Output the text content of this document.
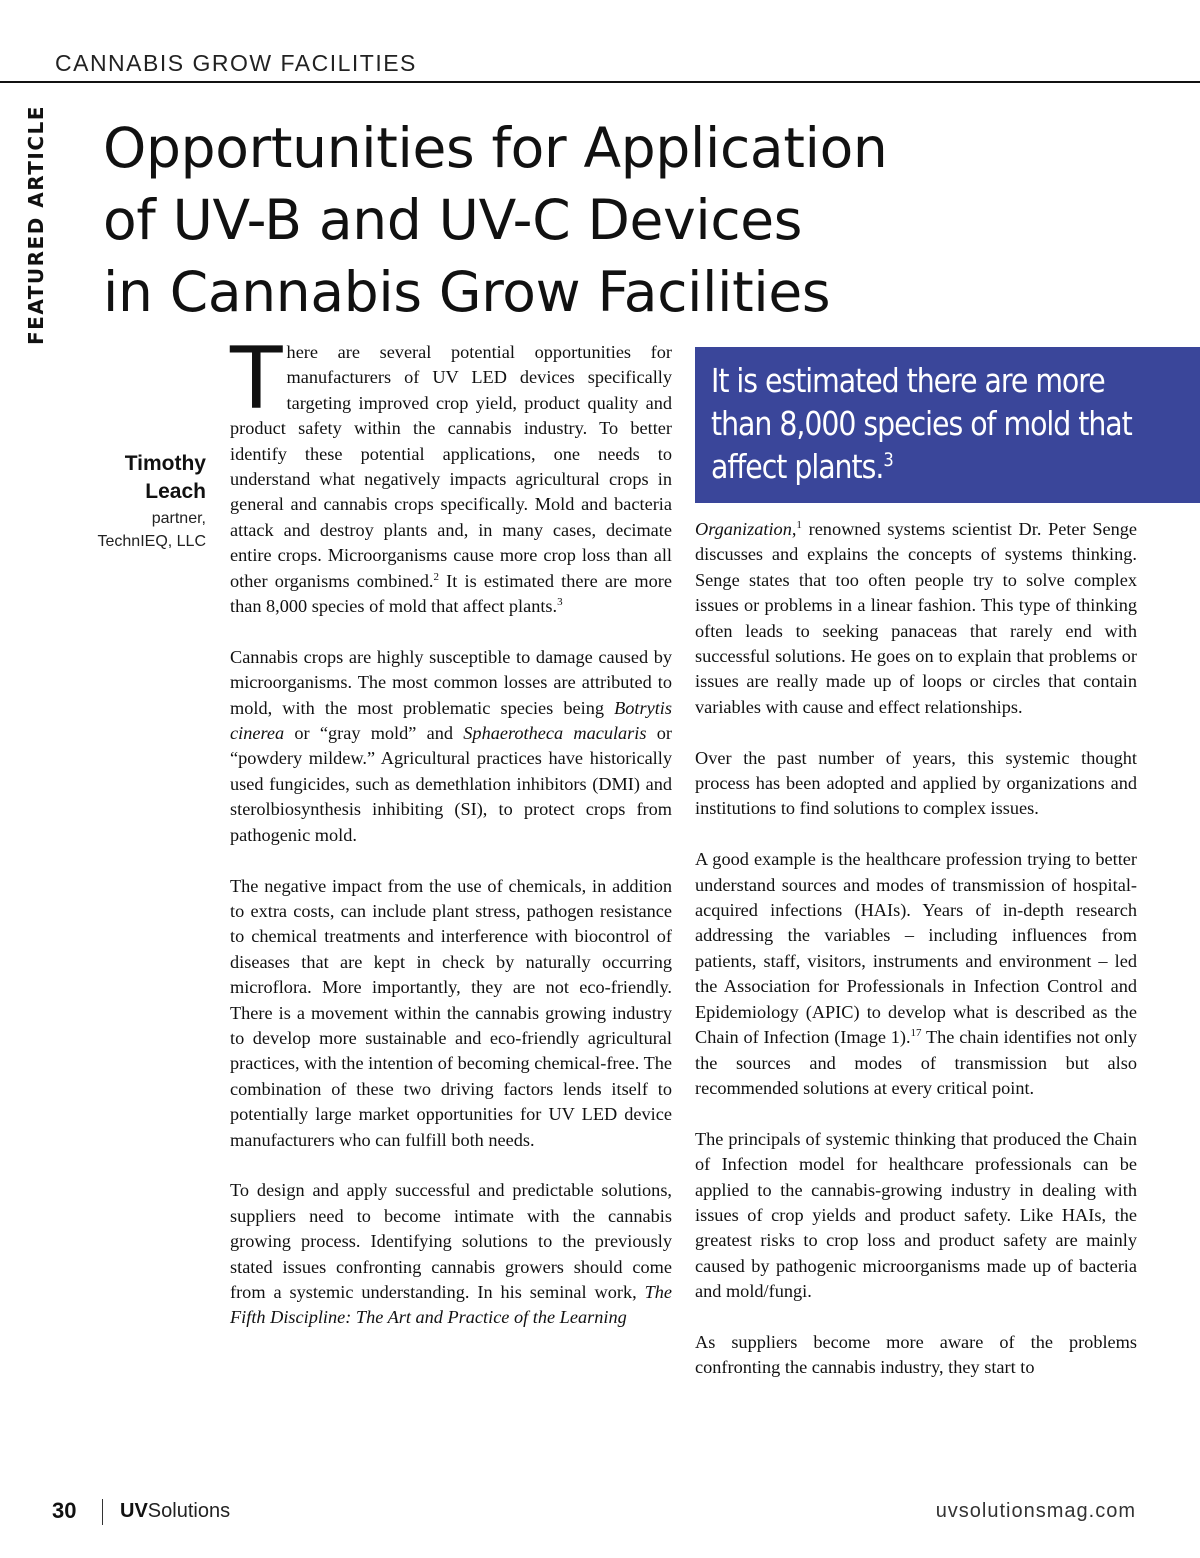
CANNABIS GROW FACILITIES
FEATURED ARTICLE Opportunities for Application
of UV-B and UV-C Devices
in Cannabis Grow Facilities
Timothy
Leach
partner,
TechnIEQ, LLC

There are several potential opportunities for manufacturers of UV LED devices specifically targeting improved crop yield, product quality and product safety within the cannabis industry. To better identify these potential applications, one needs to understand what negatively impacts agricultural crops in general and cannabis crops specifically. Mold and bacteria attack and destroy plants and, in many cases, decimate entire crops. Microorganisms cause more crop loss than all other organisms combined.$^2$ It is estimated there are more than 8,000 species of mold that affect plants.$^3$

Cannabis crops are highly susceptible to damage caused by microorganisms. The most common losses are attributed to mold, with the most problematic species being Botrytis cinerea or “gray mold” and Sphaerotheca macularis or “powdery mildew.” Agricultural practices have historically used fungicides, such as demethlation inhibitors (DMI) and sterolbiosynthesis inhibiting (SI), to protect crops from pathogenic mold.

The negative impact from the use of chemicals, in addition to extra costs, can include plant stress, pathogen resistance to chemical treatments and interference with biocontrol of diseases that are kept in check by naturally occurring microflora. More importantly, they are not eco-friendly. There is a movement within the cannabis growing industry to develop more sustainable and eco-friendly agricultural practices, with the intention of becoming chemical-free. The combination of these two driving factors lends itself to potentially large market opportunities for UV LED device manufacturers who can fulfill both needs.

To design and apply successful and predictable solutions, suppliers need to become intimate with the cannabis growing process. Identifying solutions to the previously stated issues confronting cannabis growers should come from a systemic understanding. In his seminal work, The Fifth Discipline: The Art and Practice of the Learning

It is estimated there are more
than 8,000 species of mold that
affect plants.$^3$

Organization,$^1$ renowned systems scientist Dr. Peter Senge discusses and explains the concepts of systems thinking. Senge states that too often people try to solve complex issues or problems in a linear fashion. This type of thinking often leads to seeking panaceas that rarely end with successful solutions. He goes on to explain that problems or issues are really made up of loops or circles that contain variables with cause and effect relationships.

Over the past number of years, this systemic thought process has been adopted and applied by organizations and institutions to find solutions to complex issues.

A good example is the healthcare profession trying to better understand sources and modes of transmission of hospital-acquired infections (HAIs). Years of in-depth research addressing the variables – including influences from patients, staff, visitors, instruments and environment – led the Association for Professionals in Infection Control and Epidemiology (APIC) to develop what is described as the Chain of Infection (Image 1).$^{17}$ The chain identifies not only the sources and modes of transmission but also recommended solutions at every critical point.

The principals of systemic thinking that produced the Chain of Infection model for healthcare professionals can be applied to the cannabis-growing industry in dealing with issues of crop yields and product safety. Like HAIs, the greatest risks to crop loss and product safety are mainly caused by pathogenic microorganisms made up of bacteria and mold/fungi.

As suppliers become more aware of the problems confronting the cannabis industry, they start to

30 UVSolutions	uvsolutionsmag.com
